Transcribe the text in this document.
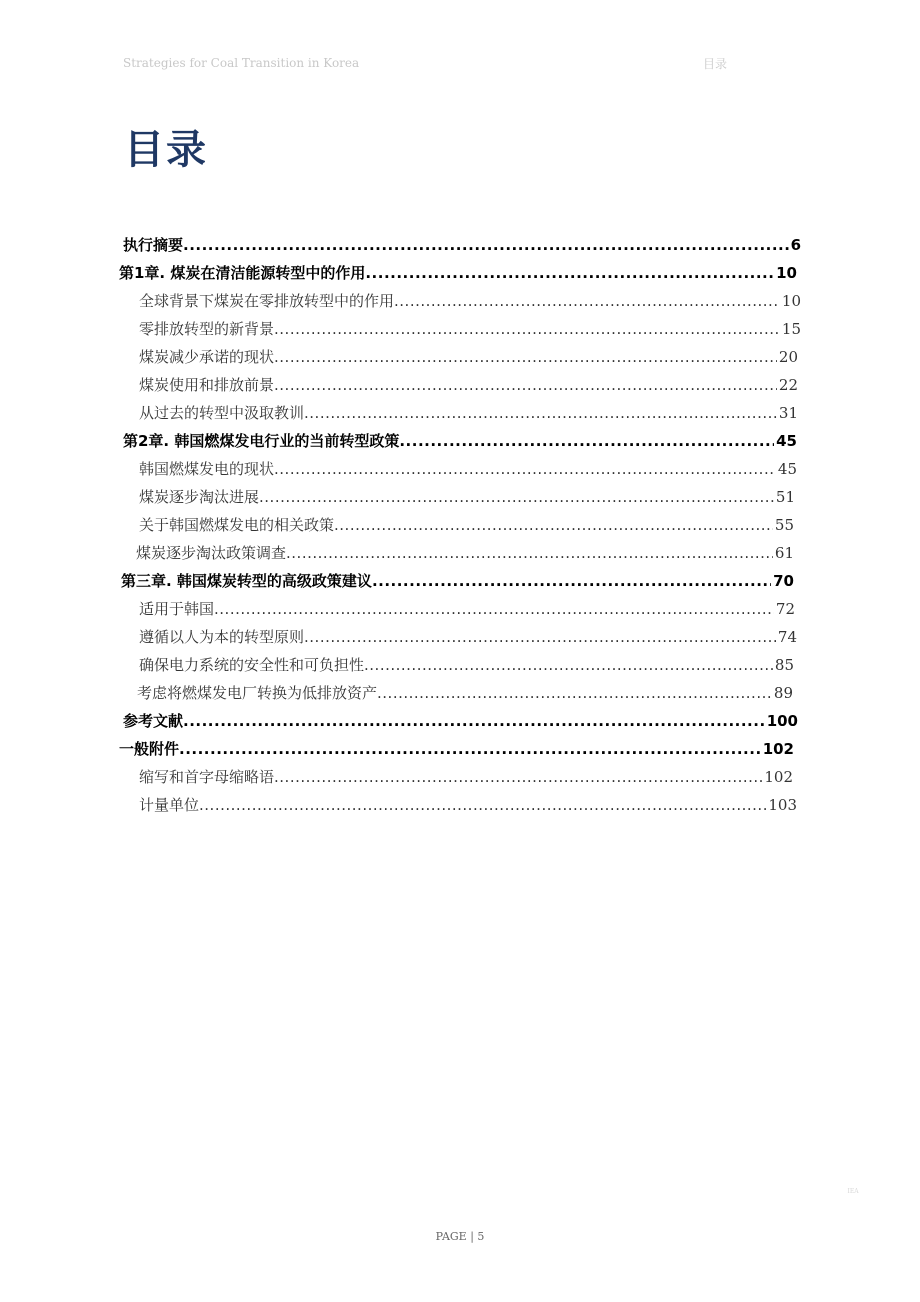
Strategies for Coal Transition in Korea	目录
目录
执行摘要 .....	6
第1章. 煤炭在清洁能源转型中的作用 .....	10
全球背景下煤炭在零排放转型中的作用 .....	10
零排放转型的新背景 .....	15
煤炭减少承诺的现状 .....	20
煤炭使用和排放前景 .....	22
从过去的转型中汲取教训 .....	31
第2章. 韩国燃煤发电行业的当前转型政策 .....	45
韩国燃煤发电的现状 .....	45
煤炭逐步淘汰进展 .....	51
关于韩国燃煤发电的相关政策 .....	55
煤炭逐步淘汰政策调查 .....	61
第三章. 韩国煤炭转型的高级政策建议 .....	70
适用于韩国 .....	72
遵循以人为本的转型原则 .....	74
确保电力系统的安全性和可负担性 .....	85
考虑将燃煤发电厂转换为低排放资产 .....	89
参考文献 .....	100
一般附件 .....	102
缩写和首字母缩略语 .....	102
计量单位 .....	103
PAGE | 5
IEA
